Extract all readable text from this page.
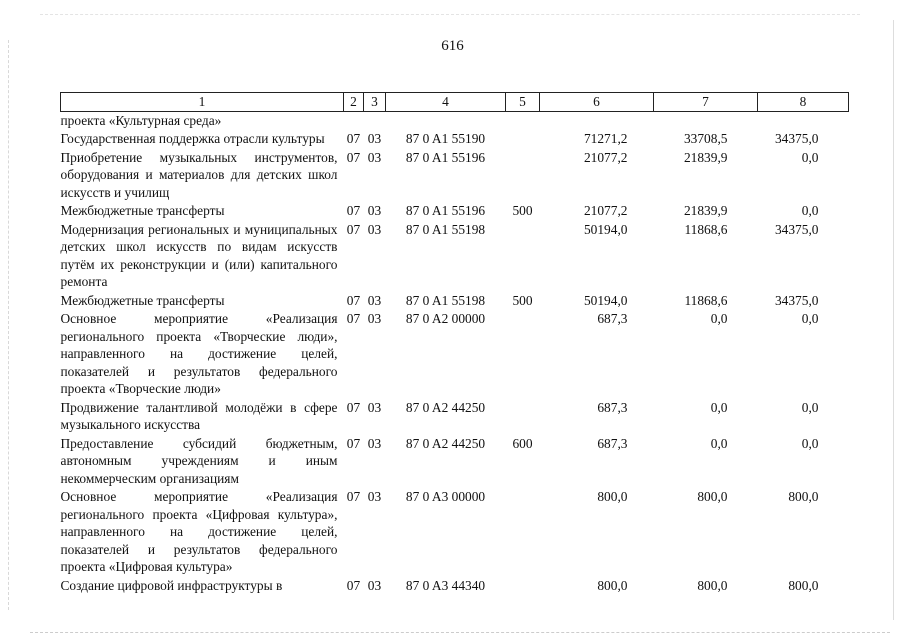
616
1	2	3	4	5	6	7	8
проекта «Культурная среда»							
Государственная поддержка отрасли культуры	07	03	87 0 A1 55190		71271,2	33708,5	34375,0
Приобретение музыкальных инструментов, оборудования и материалов для детских школ искусств и училищ	07	03	87 0 A1 55196		21077,2	21839,9	0,0
Межбюджетные трансферты	07	03	87 0 A1 55196	500	21077,2	21839,9	0,0
Модернизация региональных и муниципальных детских школ искусств по видам искусств путём их реконструкции и (или) капитального ремонта	07	03	87 0 A1 55198		50194,0	11868,6	34375,0
Межбюджетные трансферты	07	03	87 0 A1 55198	500	50194,0	11868,6	34375,0
Основное мероприятие «Реализация регионального проекта «Творческие люди», направленного на достижение целей, показателей и результатов федерального проекта «Творческие люди»	07	03	87 0 A2 00000		687,3	0,0	0,0
Продвижение талантливой молодёжи в сфере музыкального искусства	07	03	87 0 A2 44250		687,3	0,0	0,0
Предоставление субсидий бюджетным, автономным учреждениям и иным некоммерческим организациям	07	03	87 0 A2 44250	600	687,3	0,0	0,0
Основное мероприятие «Реализация регионального проекта «Цифровая культура», направленного на достижение целей, показателей и результатов федерального проекта «Цифровая культура»	07	03	87 0 A3 00000		800,0	800,0	800,0
Создание цифровой инфраструктуры в	07	03	87 0 A3 44340		800,0	800,0	800,0
